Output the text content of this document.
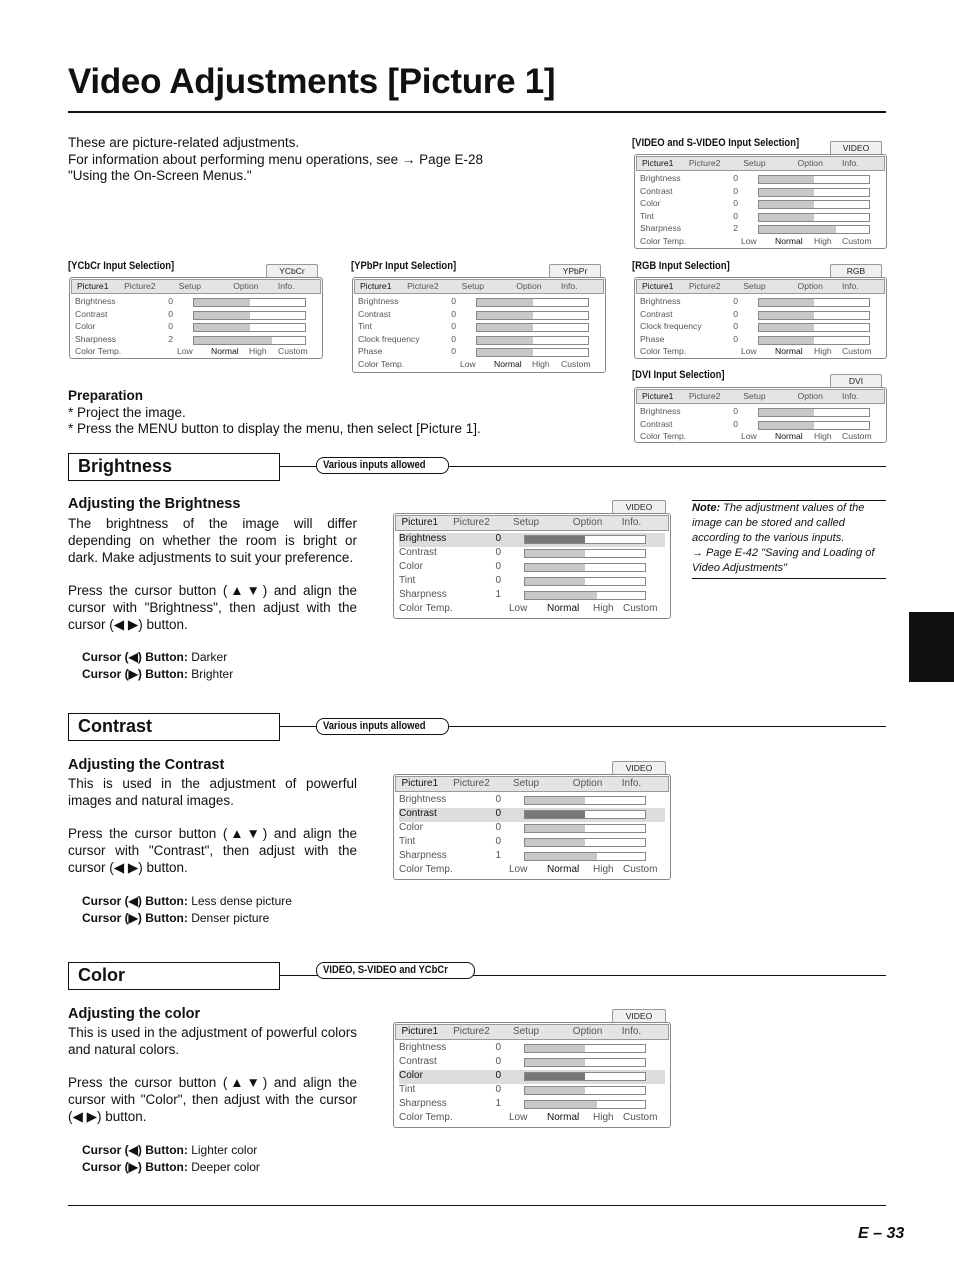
Video Adjustments [Picture 1]
These are picture-related adjustments.
For information about performing menu operations, see → Page E-28
"Using the On-Screen Menus."
[VIDEO and S-VIDEO Input Selection]
[YCbCr Input Selection]	[YPbPr Input Selection]	[RGB Input Selection]
[DVI Input Selection]
VIDEO
Picture1 Picture2	Setup	Option Info.
Brightness	0
Contrast	0
Color	0
Tint	0
Sharpness	2
Color Temp.	Low Normal High Custom
YCbCr
Picture1 Picture2	Setup	Option Info.
Brightness	0
Contrast	0
Color	0
Sharpness	2
Color Temp.	Low Normal High Custom
YPbPr
Picture1 Picture2	Setup	Option Info.
Brightness	0
Contrast	0
Tint	0
Clock frequency	0
Phase	0
Color Temp.	Low Normal High Custom
RGB
Picture1 Picture2	Setup	Option Info.
Brightness	0
Contrast	0
Clock frequency	0
Phase	0
Color Temp.	Low Normal High Custom
DVI
Picture1 Picture2	Setup	Option Info.
Brightness	0
Contrast	0
Color Temp.	Low Normal High Custom
VIDEO
Picture1 Picture2 Setup	Option Info.
Brightness	0
Contrast	0
Color	0
Tint	0
Sharpness	1
Color Temp.	Low Normal High Custom
VIDEO
Picture1 Picture2 Setup	Option Info.
Brightness	0
Contrast	0
Color	0
Tint	0
Sharpness	1
Color Temp.	Low Normal High Custom
VIDEO
Picture1 Picture2 Setup	Option Info.
Brightness	0
Contrast	0
Color	0
Tint	0
Sharpness	1
Color Temp.	Low Normal High Custom
Preparation
* Project the image.
* Press the MENU button to display the menu, then select [Picture 1].
Brightness	Various inputs allowed
Adjusting the Brightness
The brightness of the image will differ depending on whether the room is bright or dark. Make adjustments to suit your preference.
Press the cursor button (▲▼) and align the cursor with "Brightness", then adjust with the cursor (◀ ▶) button.
Cursor (◀) Button: Darker
Cursor (▶) Button: Brighter
Note: The adjustment values of the image can be stored and called according to the various inputs.
→ Page E-42 "Saving and Loading of Video Adjustments"
Contrast	Various inputs allowed
Adjusting the Contrast
This is used in the adjustment of powerful images and natural images.
Press the cursor button (▲▼) and align the cursor with "Contrast", then adjust with the cursor (◀ ▶) button.
Cursor (◀) Button: Less dense picture
Cursor (▶) Button: Denser picture
Color	VIDEO, S-VIDEO and YCbCr
Adjusting the color
This is used in the adjustment of powerful colors and natural colors.
Press the cursor button (▲▼) and align the cursor with "Color", then adjust with the cursor (◀ ▶) button.
Cursor (◀) Button: Lighter color
Cursor (▶) Button: Deeper color
E – 33
